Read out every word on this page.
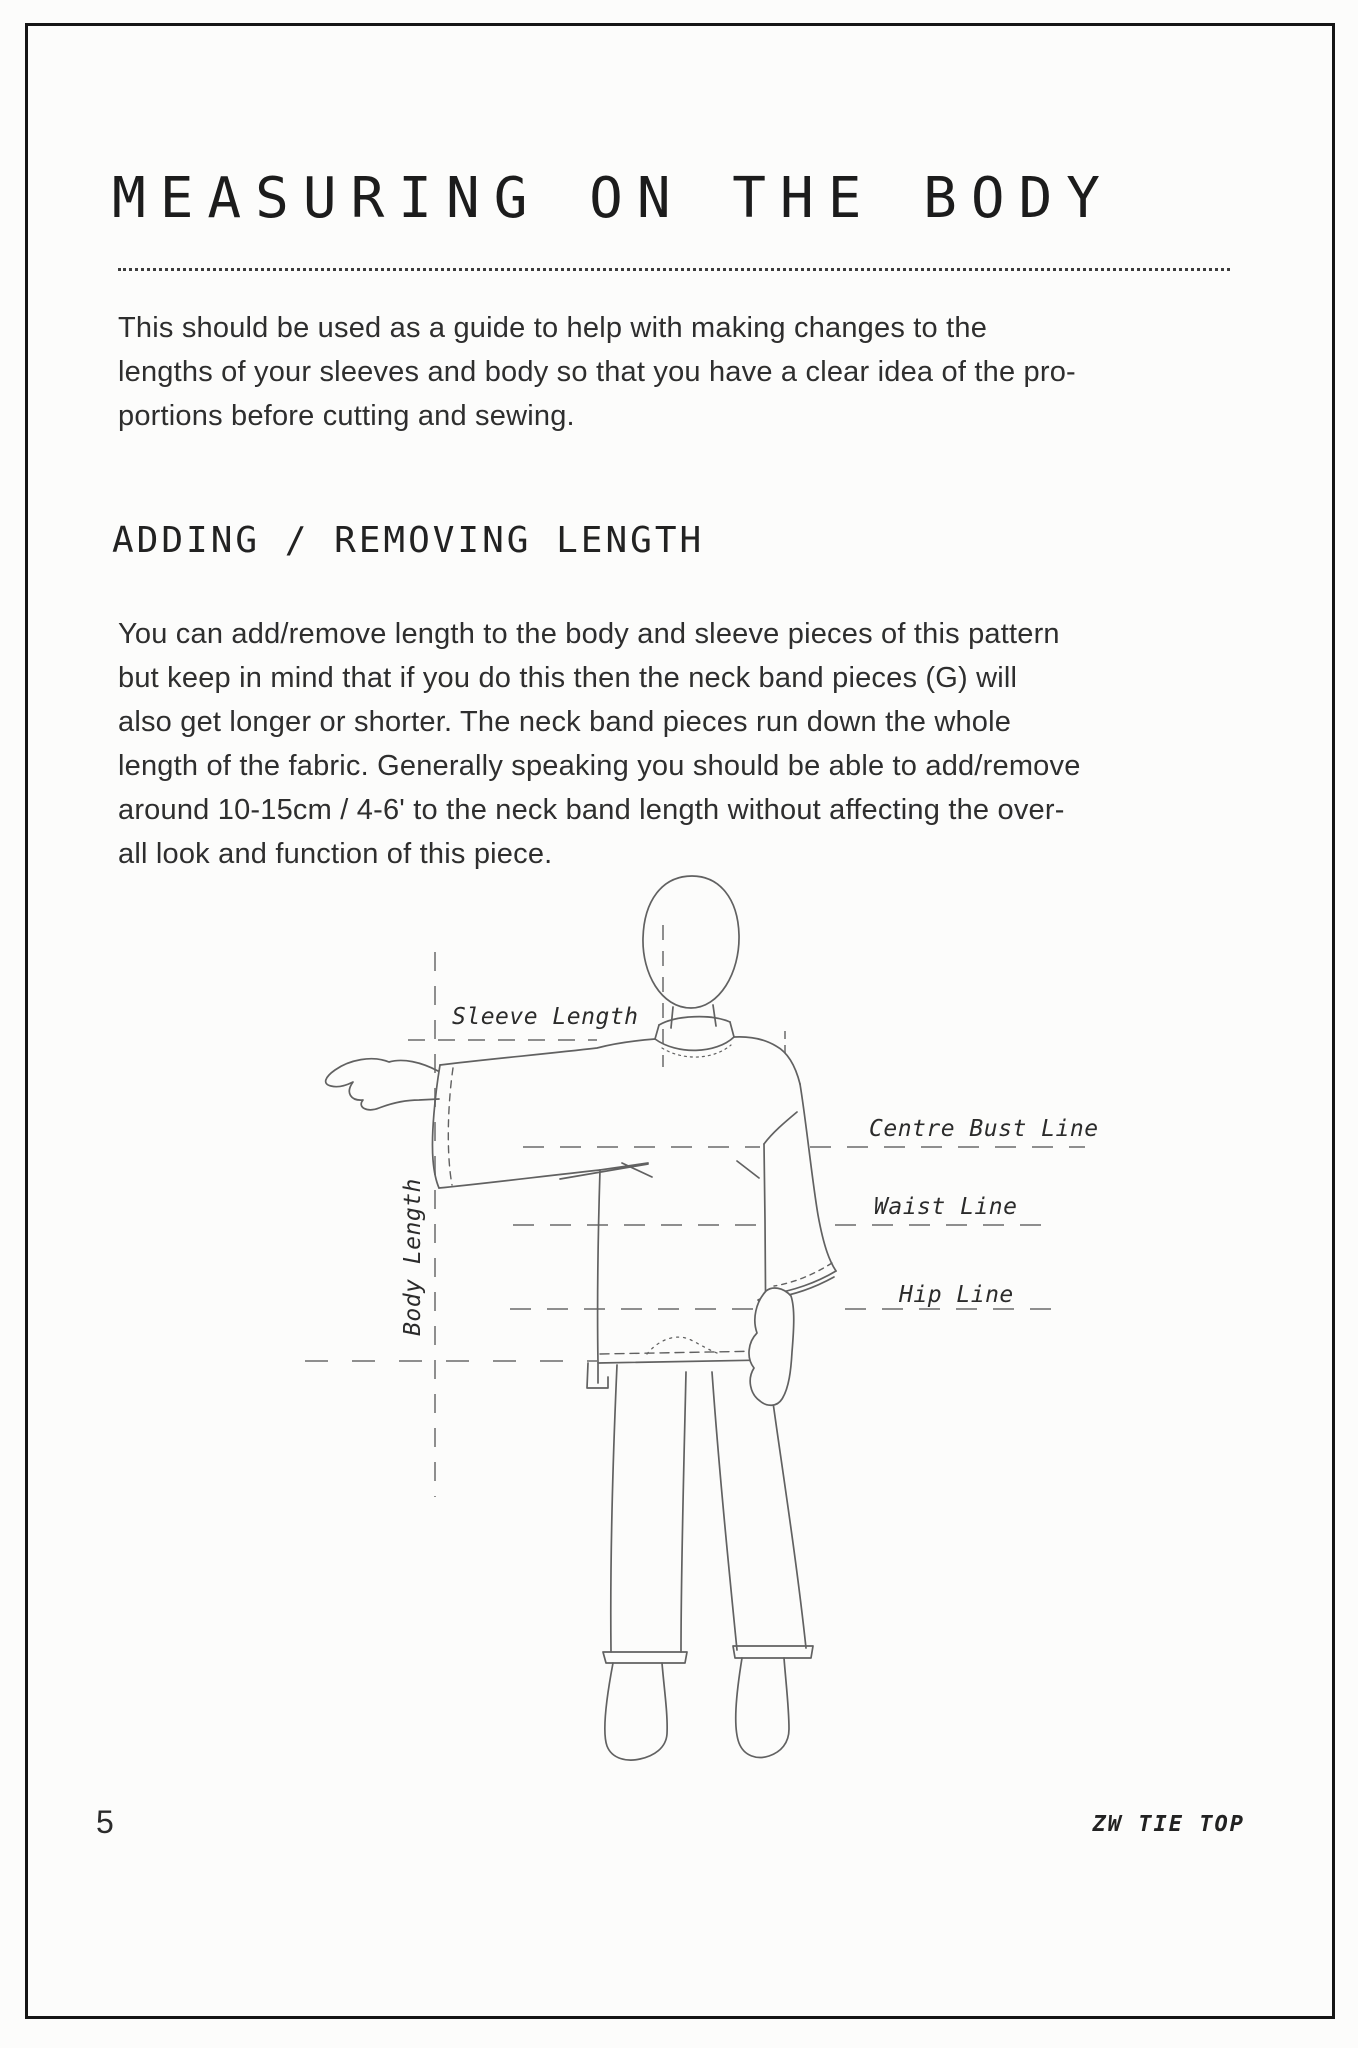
MEASURING ON THE BODY
This should be used as a guide to help with making changes to the
lengths of your sleeves and body so that you have a clear idea of the pro-
portions before cutting and sewing.
ADDING / REMOVING LENGTH
You can add/remove length to the body and sleeve pieces of this pattern
but keep in mind that if you do this then the neck band pieces (G) will
also get longer or shorter. The neck band pieces run down the whole
length of the fabric. Generally speaking you should be able to add/remove
around 10-15cm / 4-6' to the neck band length without affecting the over-
all look and function of this piece.
Sleeve Length
Centre Bust Line
Waist Line
Hip Line
Body Length
5	ZW TIE TOP
